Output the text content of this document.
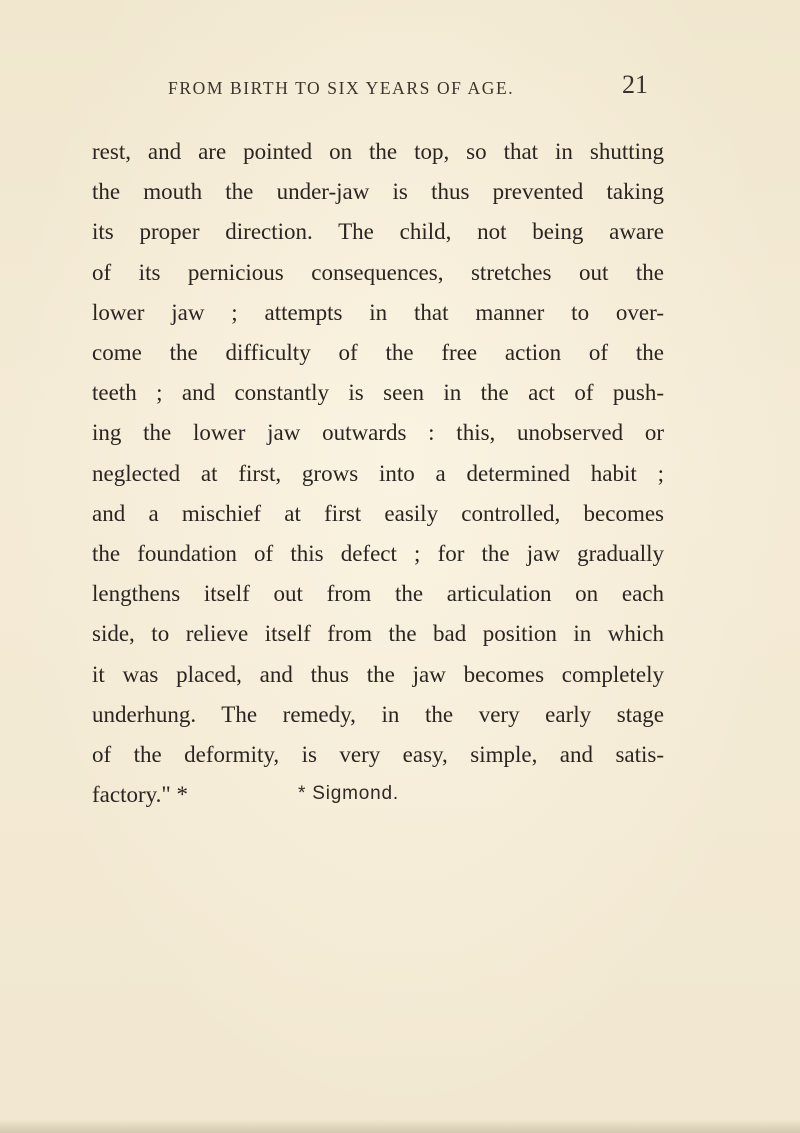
FROM BIRTH TO SIX YEARS OF AGE.	21
rest, and are pointed on the top, so that in shutting
the mouth the under-jaw is thus prevented taking
its proper direction. The child, not being aware
of its pernicious consequences, stretches out the
lower jaw ; attempts in that manner to over-
come the difficulty of the free action of the
teeth ; and constantly is seen in the act of push-
ing the lower jaw outwards : this, unobserved or
neglected at first, grows into a determined habit ;
and a mischief at first easily controlled, becomes
the foundation of this defect ; for the jaw gradually
lengthens itself out from the articulation on each
side, to relieve itself from the bad position in which
it was placed, and thus the jaw becomes completely
underhung. The remedy, in the very early stage
of the deformity, is very easy, simple, and satis-
factory." *	* Sigmond.
